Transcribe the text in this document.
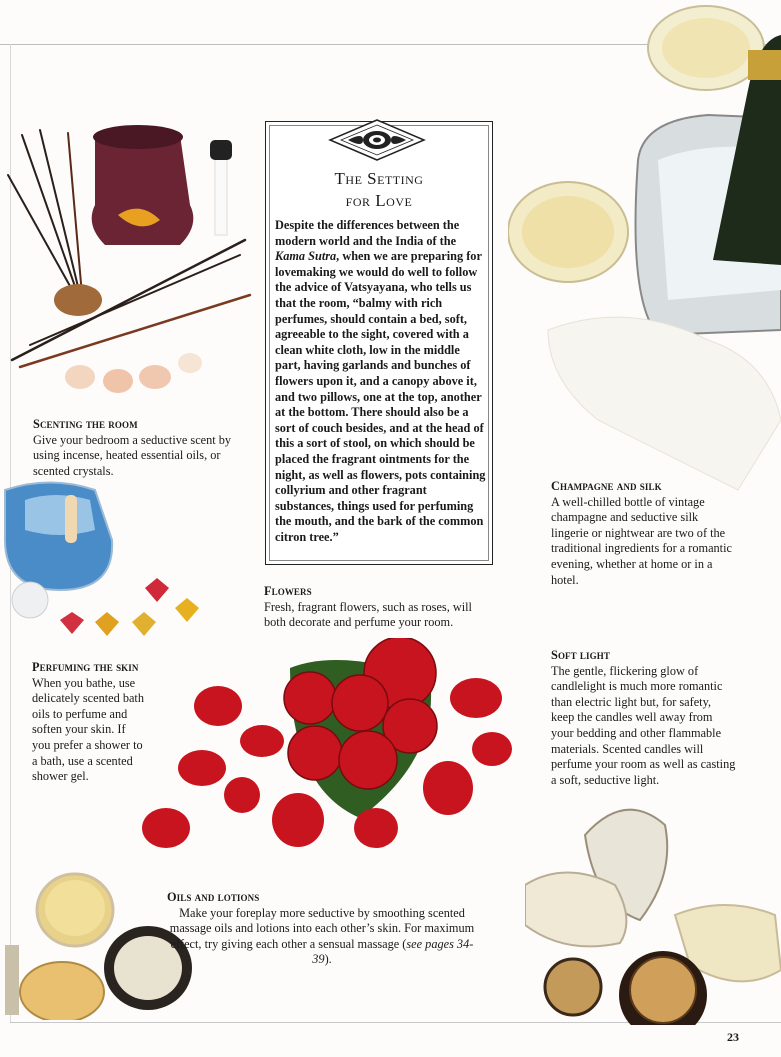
The Setting
for Love
Despite the differences between the modern world and the India of the Kama Sutra, when we are preparing for lovemaking we would do well to follow the advice of Vatsyayana, who tells us that the room, “balmy with rich perfumes, should contain a bed, soft, agreeable to the sight, covered with a clean white cloth, low in the middle part, having garlands and bunches of flowers upon it, and a canopy above it, and two pillows, one at the top, another at the bottom. There should also be a sort of couch besides, and at the head of this a sort of stool, on which should be placed the fragrant ointments for the night, as well as flowers, pots containing collyrium and other fragrant substances, things used for perfuming the mouth, and the bark of the common citron tree.”
Scenting the room
Give your bedroom a seductive scent by using incense, heated essential oils, or scented crystals.
Champagne and silk
A well-chilled bottle of vintage champagne and seductive silk lingerie or nightwear are two of the traditional ingredients for a romantic evening, whether at home or in a hotel.
Flowers
Fresh, fragrant flowers, such as roses, will both decorate and perfume your room.
Perfuming the skin
When you bathe, use delicately scented bath oils to perfume and soften your skin. If you prefer a shower to a bath, use a scented shower gel.
Soft light
The gentle, flickering glow of candlelight is much more romantic than electric light but, for safety, keep the candles well away from your bedding and other flammable materials. Scented candles will perfume your room as well as casting a soft, seductive light.
Oils and lotions
Make your foreplay more seductive by smoothing scented massage oils and lotions into each other’s skin. For maximum effect, try giving each other a sensual massage (see pages 34-39).
23
